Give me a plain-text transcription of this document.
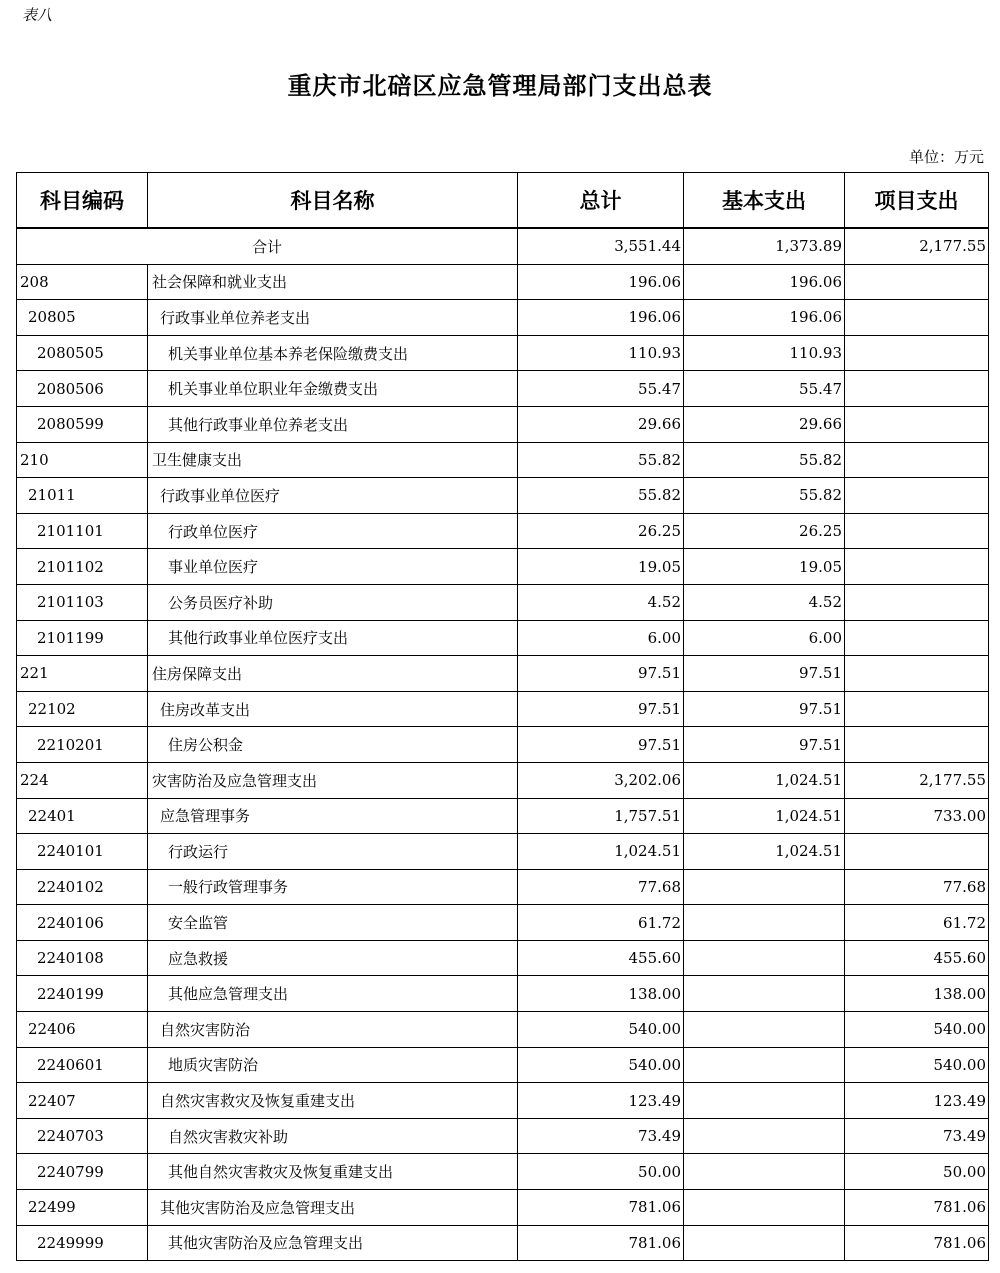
表八
重庆市北碚区应急管理局部门支出总表
单位：万元
科目编码	科目名称	总计	基本支出	项目支出
合计		3,551.44	1,373.89	2,177.55
208	社会保障和就业支出	196.06	196.06	
20805	行政事业单位养老支出	196.06	196.06	
2080505	机关事业单位基本养老保险缴费支出	110.93	110.93	
2080506	机关事业单位职业年金缴费支出	55.47	55.47	
2080599	其他行政事业单位养老支出	29.66	29.66	
210	卫生健康支出	55.82	55.82	
21011	行政事业单位医疗	55.82	55.82	
2101101	行政单位医疗	26.25	26.25	
2101102	事业单位医疗	19.05	19.05	
2101103	公务员医疗补助	4.52	4.52	
2101199	其他行政事业单位医疗支出	6.00	6.00	
221	住房保障支出	97.51	97.51	
22102	住房改革支出	97.51	97.51	
2210201	住房公积金	97.51	97.51	
224	灾害防治及应急管理支出	3,202.06	1,024.51	2,177.55
22401	应急管理事务	1,757.51	1,024.51	733.00
2240101	行政运行	1,024.51	1,024.51	
2240102	一般行政管理事务	77.68		77.68
2240106	安全监管	61.72		61.72
2240108	应急救援	455.60		455.60
2240199	其他应急管理支出	138.00		138.00
22406	自然灾害防治	540.00		540.00
2240601	地质灾害防治	540.00		540.00
22407	自然灾害救灾及恢复重建支出	123.49		123.49
2240703	自然灾害救灾补助	73.49		73.49
2240799	其他自然灾害救灾及恢复重建支出	50.00		50.00
22499	其他灾害防治及应急管理支出	781.06		781.06
2249999	其他灾害防治及应急管理支出	781.06		781.06
